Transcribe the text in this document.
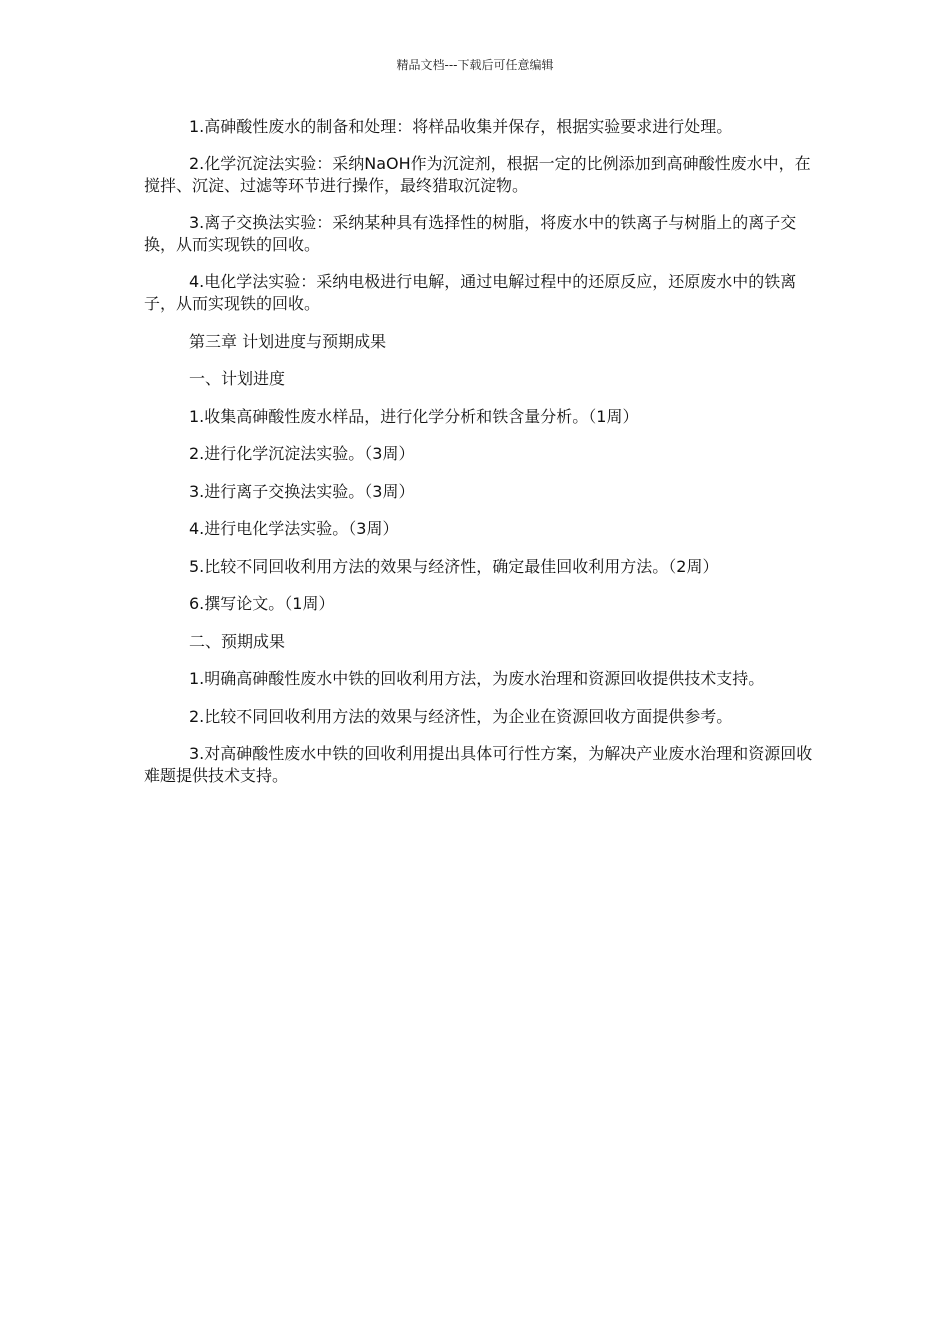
精品文档---下载后可任意编辑

1.高砷酸性废水的制备和处理：将样品收集并保存，根据实验要求进行处理。

2.化学沉淀法实验：采纳NaOH作为沉淀剂，根据一定的比例添加到高砷酸性废水中，在搅拌、沉淀、过滤等环节进行操作，最终猎取沉淀物。

3.离子交换法实验：采纳某种具有选择性的树脂，将废水中的铁离子与树脂上的离子交换，从而实现铁的回收。

4.电化学法实验：采纳电极进行电解，通过电解过程中的还原反应，还原废水中的铁离子，从而实现铁的回收。

第三章 计划进度与预期成果

一、计划进度

1.收集高砷酸性废水样品，进行化学分析和铁含量分析。（1周）

2.进行化学沉淀法实验。（3周）

3.进行离子交换法实验。（3周）

4.进行电化学法实验。（3周）

5.比较不同回收利用方法的效果与经济性，确定最佳回收利用方法。（2周）

6.撰写论文。（1周）

二、预期成果

1.明确高砷酸性废水中铁的回收利用方法，为废水治理和资源回收提供技术支持。

2.比较不同回收利用方法的效果与经济性，为企业在资源回收方面提供参考。

3.对高砷酸性废水中铁的回收利用提出具体可行性方案，为解决产业废水治理和资源回收难题提供技术支持。
